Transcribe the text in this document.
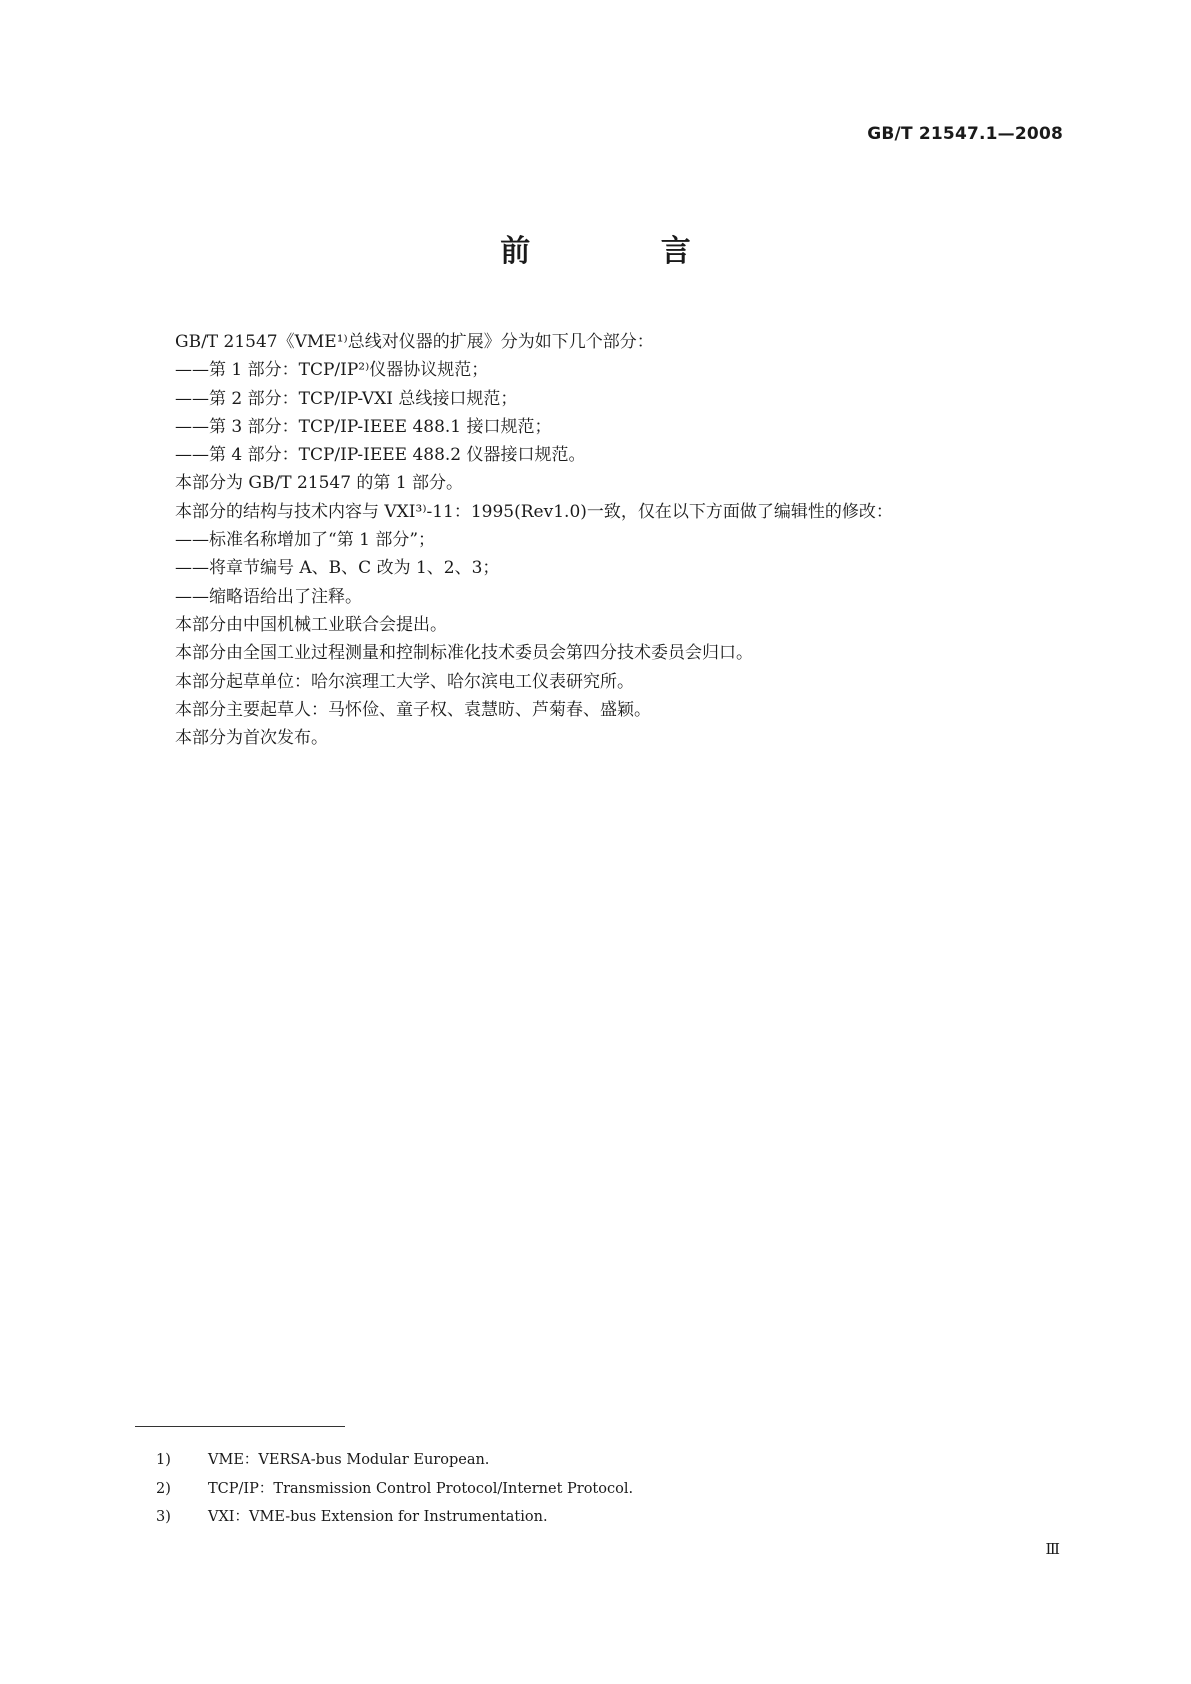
GB/T 21547.1—2008
前 言
GB/T 21547《VME¹⁾总线对仪器的扩展》分为如下几个部分：
——第 1 部分：TCP/IP²⁾仪器协议规范；
——第 2 部分：TCP/IP-VXI 总线接口规范；
——第 3 部分：TCP/IP-IEEE 488.1 接口规范；
——第 4 部分：TCP/IP-IEEE 488.2 仪器接口规范。
本部分为 GB/T 21547 的第 1 部分。
本部分的结构与技术内容与 VXI³⁾-11：1995(Rev1.0)一致，仅在以下方面做了编辑性的修改：
——标准名称增加了“第 1 部分”；
——将章节编号 A、B、C 改为 1、2、3；
——缩略语给出了注释。
本部分由中国机械工业联合会提出。
本部分由全国工业过程测量和控制标准化技术委员会第四分技术委员会归口。
本部分起草单位：哈尔滨理工大学、哈尔滨电工仪表研究所。
本部分主要起草人：马怀俭、童子权、袁慧昉、芦菊春、盛颖。
本部分为首次发布。
1)	VME：VERSA-bus Modular European.
2)	TCP/IP：Transmission Control Protocol/Internet Protocol.
3)	VXI：VME-bus Extension for Instrumentation.
Ⅲ
